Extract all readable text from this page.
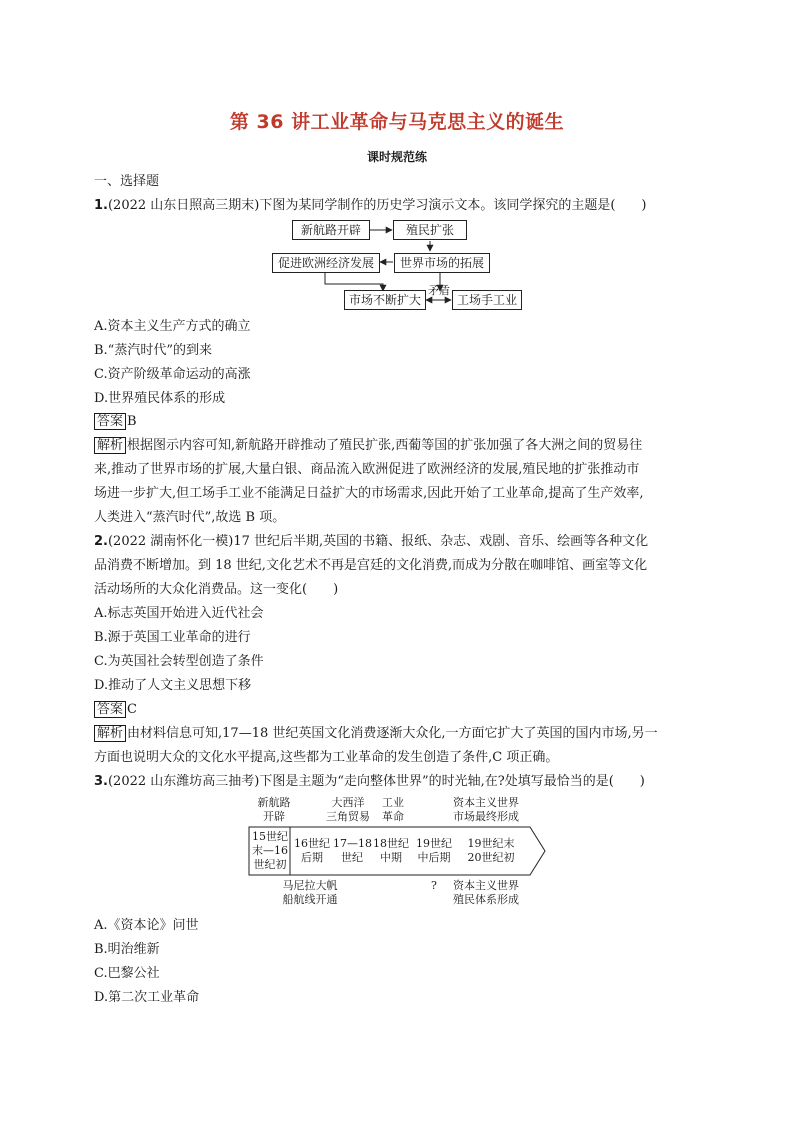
第 36 讲工业革命与马克思主义的诞生
课时规范练
一、选择题
1.(2022 山东日照高三期末)下图为某同学制作的历史学习演示文本。该同学探究的主题是(　　)
新航路开辟	殖民扩张
促进欧洲经济发展	世界市场的拓展
市场不断扩大
矛盾
工场手工业
A.资本主义生产方式的确立
B.“蒸汽时代”的到来
C.资产阶级革命运动的高涨
D.世界殖民体系的形成
答案 B
解析 根据图示内容可知,新航路开辟推动了殖民扩张,西葡等国的扩张加强了各大洲之间的贸易往
来,推动了世界市场的扩展,大量白银、商品流入欧洲促进了欧洲经济的发展,殖民地的扩张推动市
场进一步扩大,但工场手工业不能满足日益扩大的市场需求,因此开始了工业革命,提高了生产效率,
人类进入“蒸汽时代”,故选 B 项。
2.(2022 湖南怀化一模)17 世纪后半期,英国的书籍、报纸、杂志、戏剧、音乐、绘画等各种文化
品消费不断增加。到 18 世纪,文化艺术不再是宫廷的文化消费,而成为分散在咖啡馆、画室等文化
活动场所的大众化消费品。这一变化(　　)
A.标志英国开始进入近代社会
B.源于英国工业革命的进行
C.为英国社会转型创造了条件
D.推动了人文主义思想下移
答案 C
解析 由材料信息可知,17—18 世纪英国文化消费逐渐大众化,一方面它扩大了英国的国内市场,另一
方面也说明大众的文化水平提高,这些都为工业革命的发生创造了条件,C 项正确。
3.(2022 山东潍坊高三抽考)下图是主题为“走向整体世界”的时光轴,在?处填写最恰当的是(　　)
新航路
开辟
大西洋
三角贸易
工业
革命
资本主义世界
市场最终形成
15世纪
末—16
世纪初
16世纪
后期
17—18
世纪
18世纪
中期
19世纪
中后期
19世纪末
20世纪初
马尼拉大帆
船航线开通
?	资本主义世界
殖民体系形成
A.《资本论》问世
B.明治维新
C.巴黎公社
D.第二次工业革命
